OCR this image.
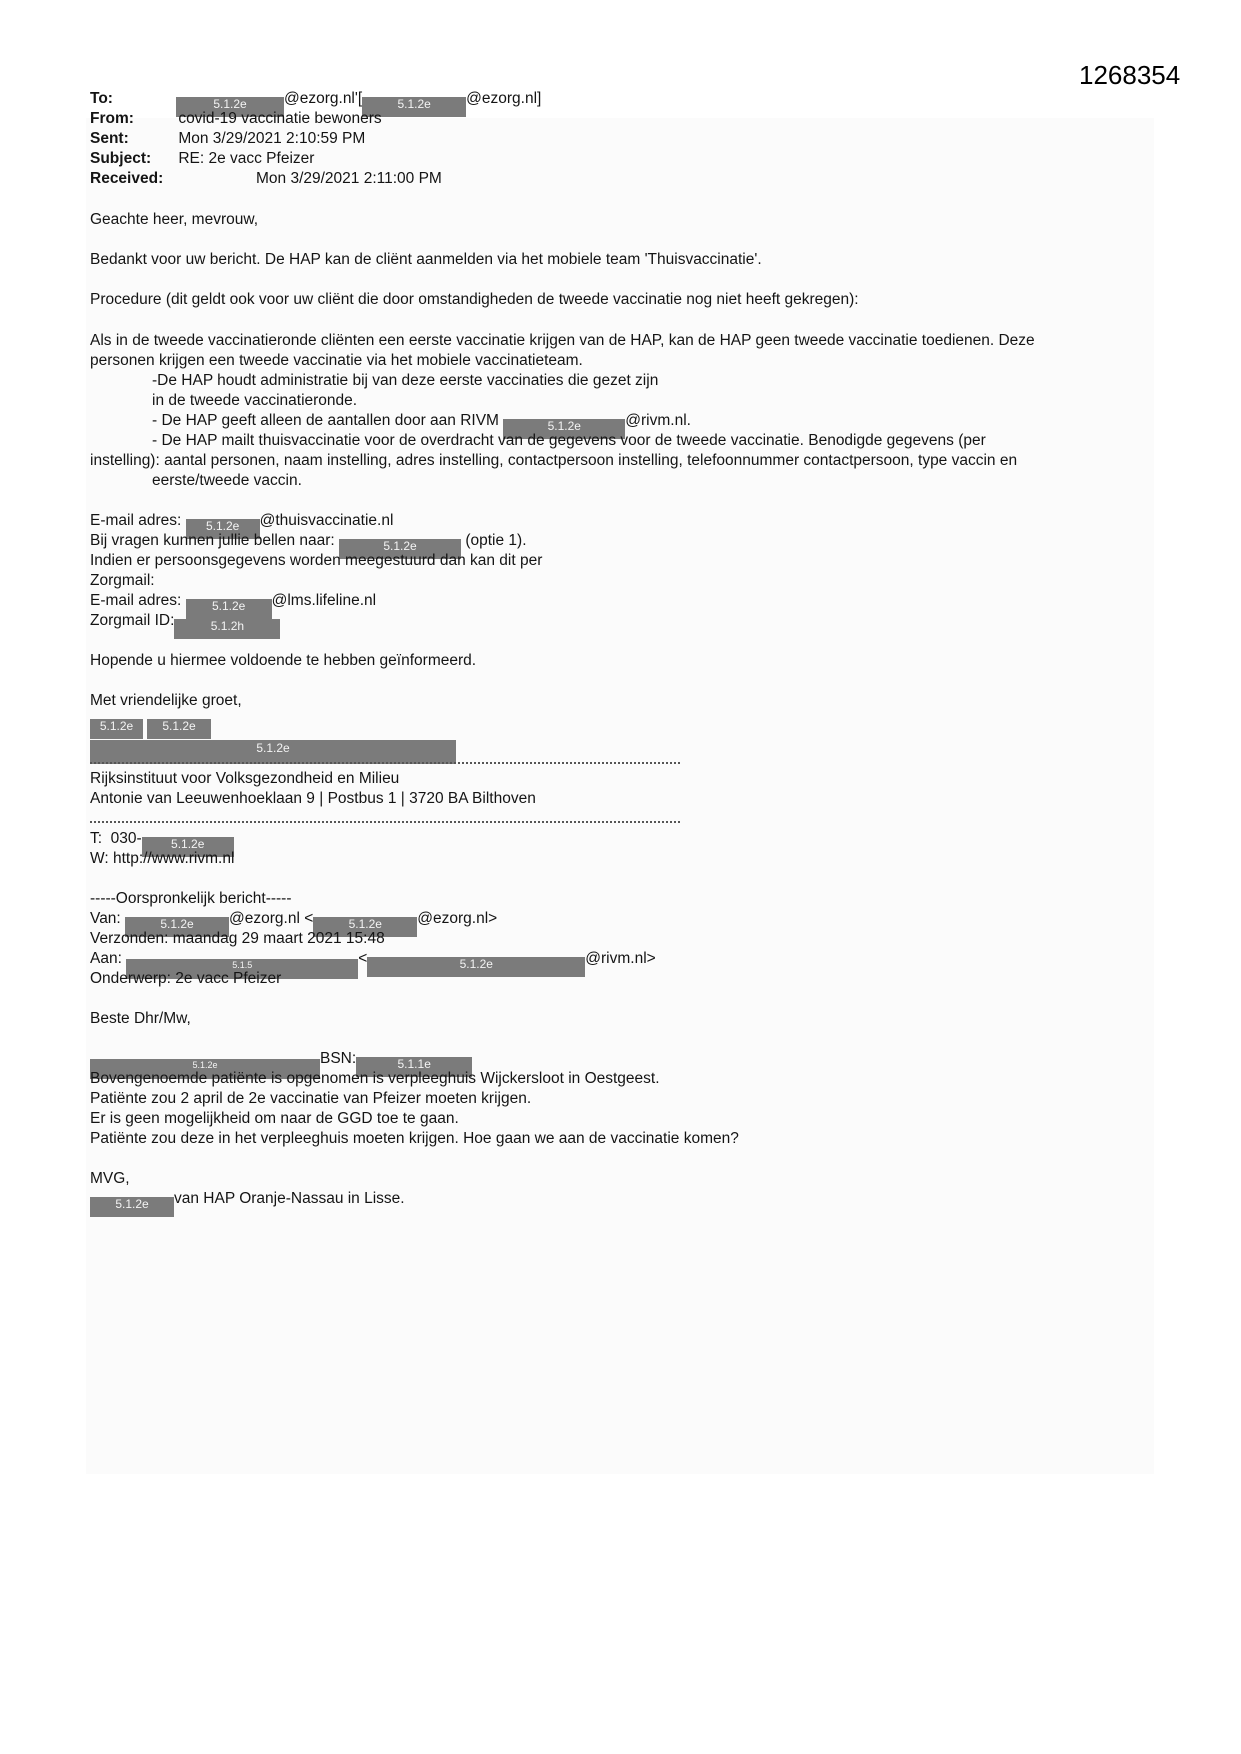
1268354
To:	5.1.2e @ezorg.nl'[	5.1.2e @ezorg.nl]
From:	covid-19 vaccinatie bewoners
Sent:	Mon 3/29/2021 2:10:59 PM
Subject: RE: 2e vacc Pfeizer
Received:	Mon 3/29/2021 2:11:00 PM
Geachte heer, mevrouw,
Bedankt voor uw bericht. De HAP kan de cliënt aanmelden via het mobiele team 'Thuisvaccinatie'.
Procedure (dit geldt ook voor uw cliënt die door omstandigheden de tweede vaccinatie nog niet heeft gekregen):
Als in de tweede vaccinatieronde cliënten een eerste vaccinatie krijgen van de HAP, kan de HAP geen tweede vaccinatie toedienen. Deze
personen krijgen een tweede vaccinatie via het mobiele vaccinatieteam.
-De HAP houdt administratie bij van deze eerste vaccinaties die gezet zijn
in de tweede vaccinatieronde.
- De HAP geeft alleen de aantallen door aan RIVM	5.1.2e	@rivm.nl.
- De HAP mailt thuisvaccinatie voor de overdracht van de gegevens voor de tweede vaccinatie. Benodigde gegevens (per
instelling): aantal personen, naam instelling, adres instelling, contactpersoon instelling, telefoonnummer contactpersoon, type vaccin en
eerste/tweede vaccin.
E-mail adres: 5.1.2e @thuisvaccinatie.nl
Bij vragen kunnen jullie bellen naar:	5.1.2e	(optie 1).
Indien er persoonsgegevens worden meegestuurd dan kan dit per
Zorgmail:
E-mail adres: 5.1.2e @lms.lifeline.nl
Zorgmail ID:	5.1.2h
Hopende u hiermee voldoende te hebben geïnformeerd.
Met vriendelijke groet,
5.1.2e 5.1.2e
5.1.2e
Rijksinstituut voor Volksgezondheid en Milieu
Antonie van Leeuwenhoeklaan 9 | Postbus 1 | 3720 BA Bilthoven
T:  030- 5.1.2e
W: http://www.rivm.nl
-----Oorspronkelijk bericht-----
Van:	5.1.2e @ezorg.nl <	5.1.2e @ezorg.nl>
Verzonden: maandag 29 maart 2021 15:48
Aan:	5.1.5	<	5.1.2e	@rivm.nl>
Onderwerp: 2e vacc Pfeizer
Beste Dhr/Mw,
5.1.2e	BSN:	5.1.1e
Bovengenoemde patiënte is opgenomen is verpleeghuis Wijckersloot in Oestgeest.
Patiënte zou 2 april de 2e vaccinatie van Pfeizer moeten krijgen.
Er is geen mogelijkheid om naar de GGD toe te gaan.
Patiënte zou deze in het verpleeghuis moeten krijgen. Hoe gaan we aan de vaccinatie komen?
MVG,
5.1.2e van HAP Oranje-Nassau in Lisse.
